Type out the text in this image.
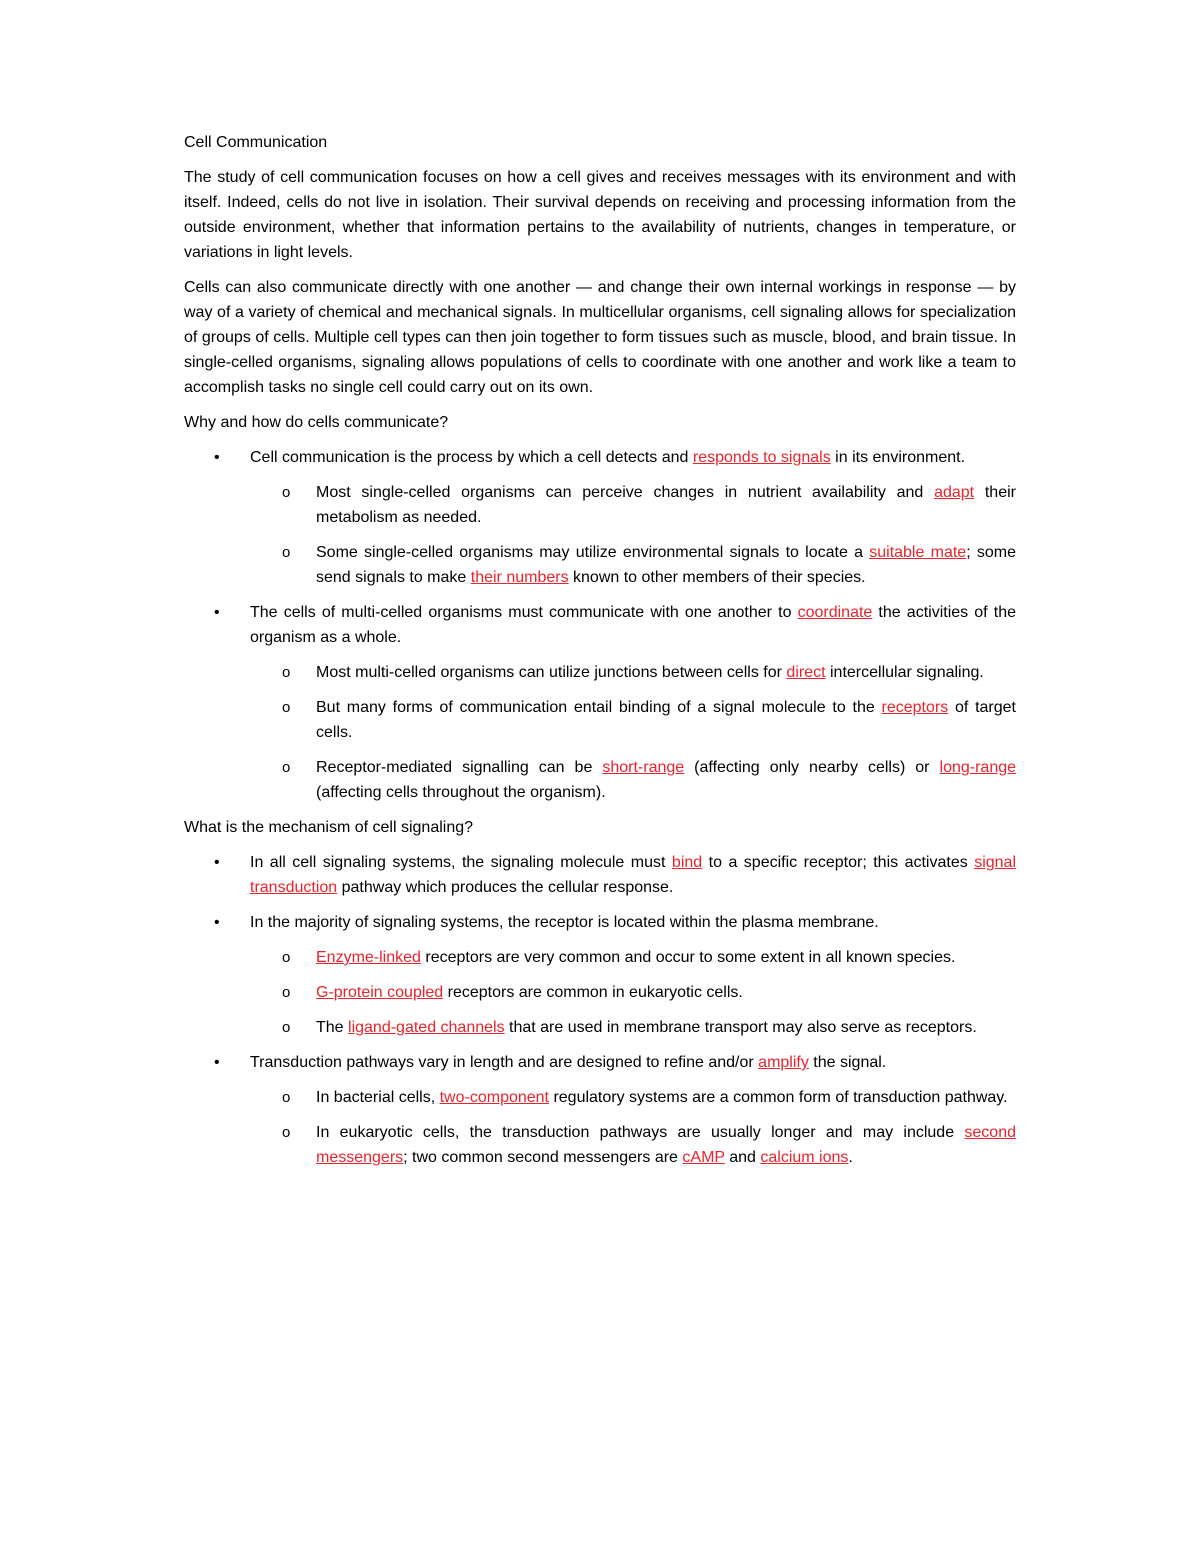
Cell Communication

The study of cell communication focuses on how a cell gives and receives messages with its environment and with itself. Indeed, cells do not live in isolation. Their survival depends on receiving and processing information from the outside environment, whether that information pertains to the availability of nutrients, changes in temperature, or variations in light levels.

Cells can also communicate directly with one another — and change their own internal workings in response — by way of a variety of chemical and mechanical signals. In multicellular organisms, cell signaling allows for specialization of groups of cells. Multiple cell types can then join together to form tissues such as muscle, blood, and brain tissue. In single-celled organisms, signaling allows populations of cells to coordinate with one another and work like a team to accomplish tasks no single cell could carry out on its own.

Why and how do cells communicate?

• Cell communication is the process by which a cell detects and responds to signals in its environment.
o Most single-celled organisms can perceive changes in nutrient availability and adapt their metabolism as needed.
o Some single-celled organisms may utilize environmental signals to locate a suitable mate; some send signals to make their numbers known to other members of their species.
• The cells of multi-celled organisms must communicate with one another to coordinate the activities of the organism as a whole.
o Most multi-celled organisms can utilize junctions between cells for direct intercellular signaling.
o But many forms of communication entail binding of a signal molecule to the receptors of target cells.
o Receptor-mediated signalling can be short-range (affecting only nearby cells) or long-range (affecting cells throughout the organism).

What is the mechanism of cell signaling?

• In all cell signaling systems, the signaling molecule must bind to a specific receptor; this activates signal transduction pathway which produces the cellular response.
• In the majority of signaling systems, the receptor is located within the plasma membrane.
o Enzyme-linked receptors are very common and occur to some extent in all known species.
o G-protein coupled receptors are common in eukaryotic cells.
o The ligand-gated channels that are used in membrane transport may also serve as receptors.
• Transduction pathways vary in length and are designed to refine and/or amplify the signal.
o In bacterial cells, two-component regulatory systems are a common form of transduction pathway.
o In eukaryotic cells, the transduction pathways are usually longer and may include second messengers; two common second messengers are cAMP and calcium ions.
